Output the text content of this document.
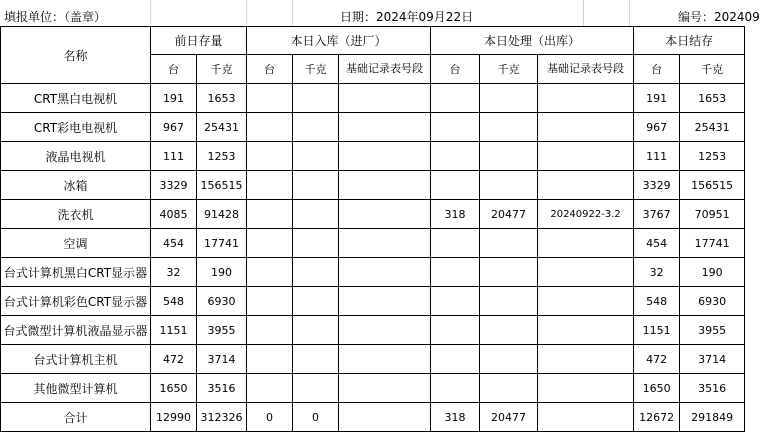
填报单位：（盖章）	日期：2024年09月22日	编号：202409
名称	前日存量		本日入库（进厂）			本日处理（出库）			本日结存	
	台	千克	台	千克	基础记录表号段	台	千克	基础记录表号段	台	千克
CRT黑白电视机	191	1653							191	1653
CRT彩电电视机	967	25431							967	25431
液晶电视机	111	1253							111	1253
冰箱	3329	156515							3329	156515
洗衣机	4085	91428				318	20477	20240922-3.2	3767	70951
空调	454	17741							454	17741
台式计算机黑白CRT显示器	32	190							32	190
台式计算机彩色CRT显示器	548	6930							548	6930
台式微型计算机液晶显示器	1151	3955							1151	3955
台式计算机主机	472	3714							472	3714
其他微型计算机	1650	3516							1650	3516
合计	12990	312326	0	0		318	20477		12672	291849
